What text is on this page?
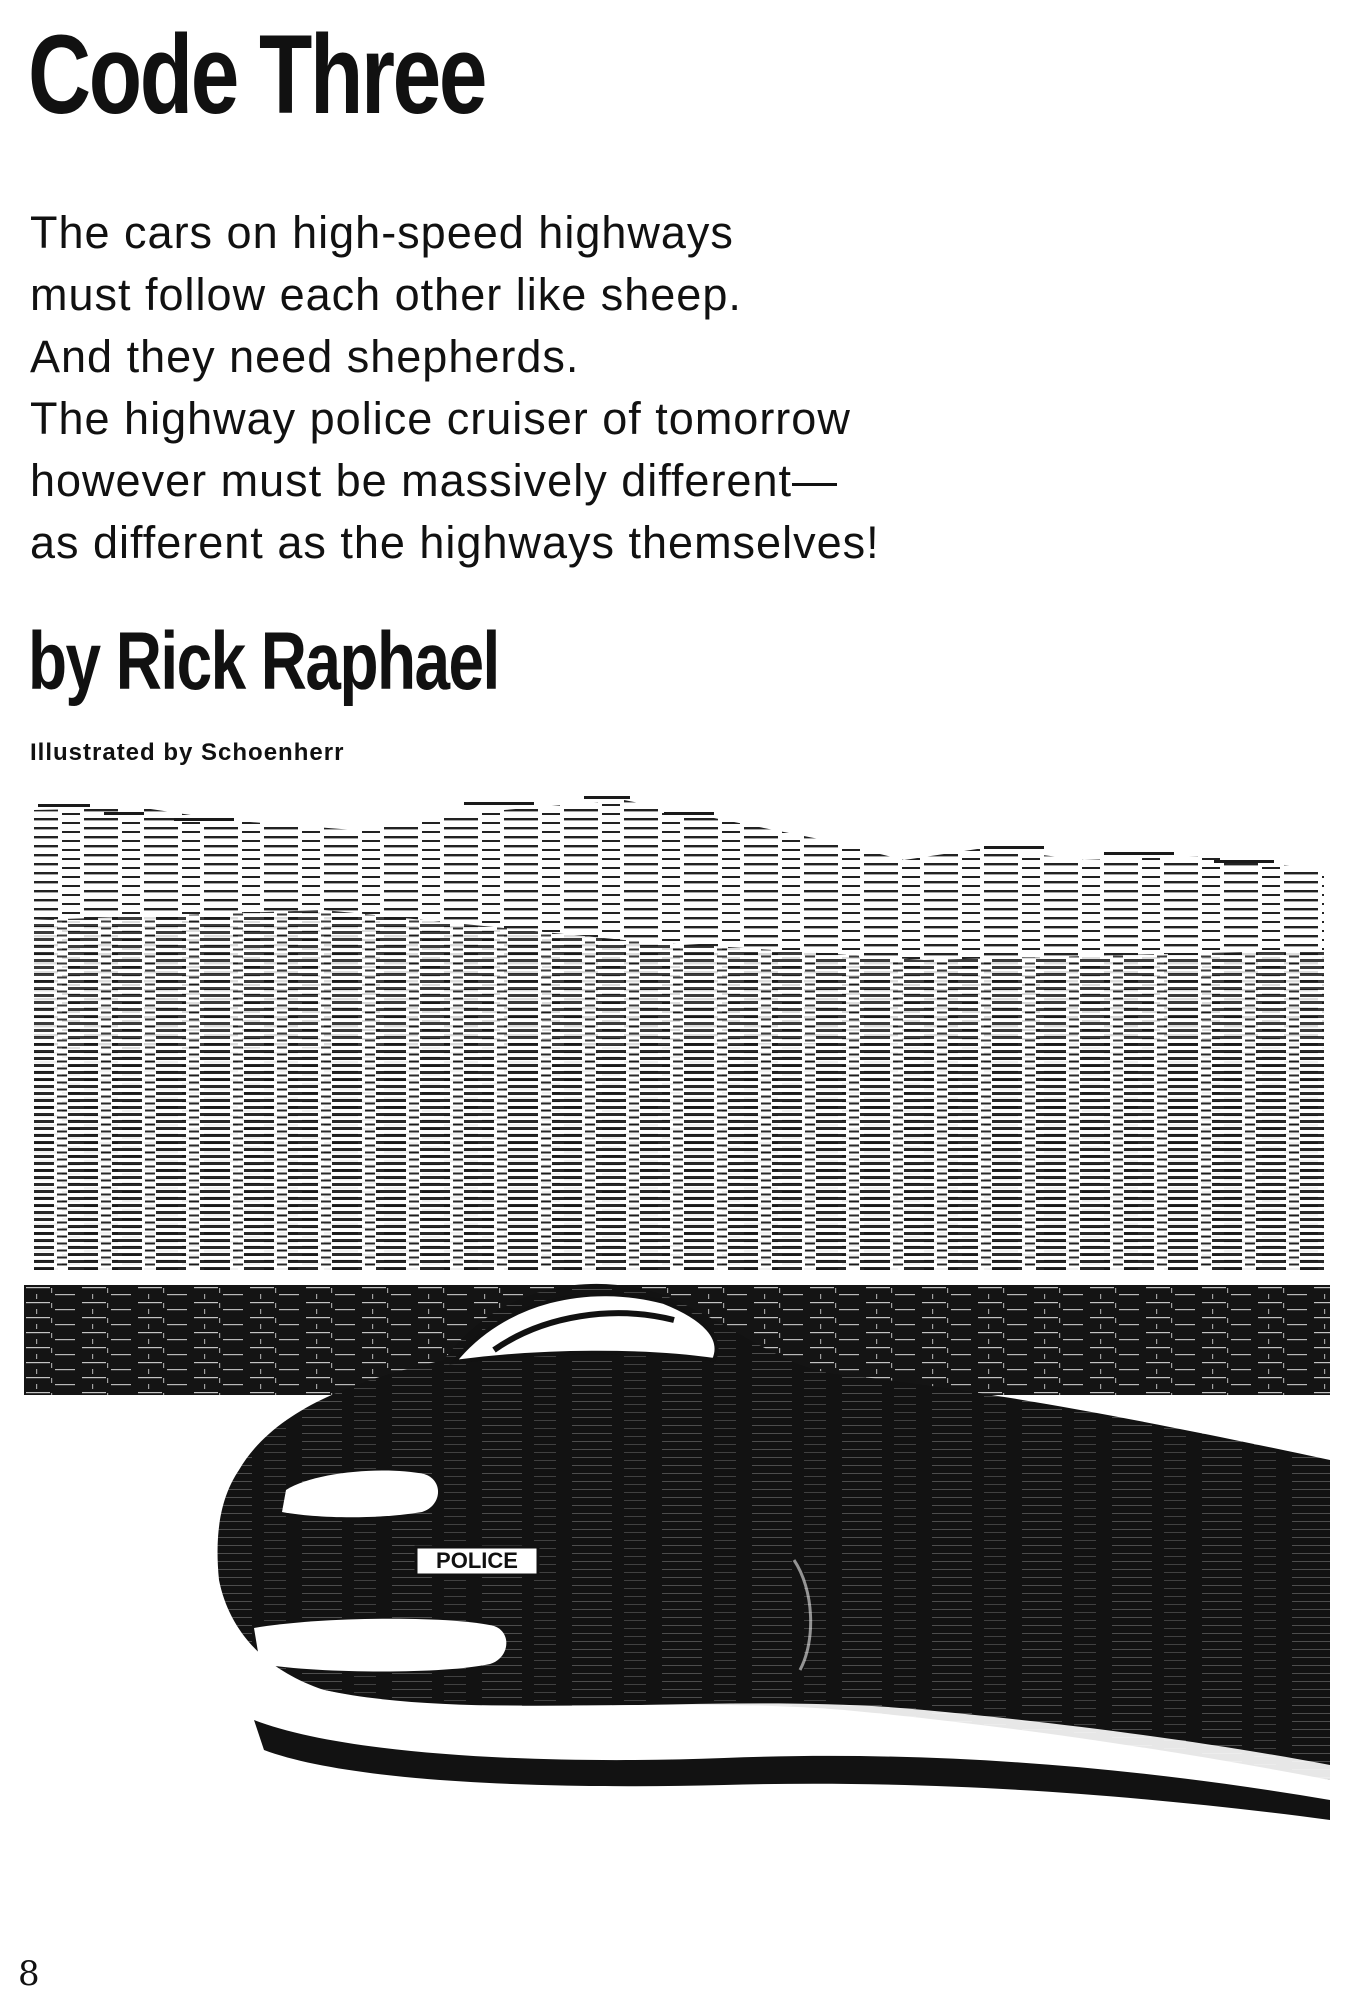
Code Three
The cars on high-speed highways
must follow each other like sheep.
And they need shepherds.
The highway police cruiser of tomorrow
however must be massively different—
as different as the highways themselves!
by Rick Raphael
Illustrated by Schoenherr
POLICE
8
